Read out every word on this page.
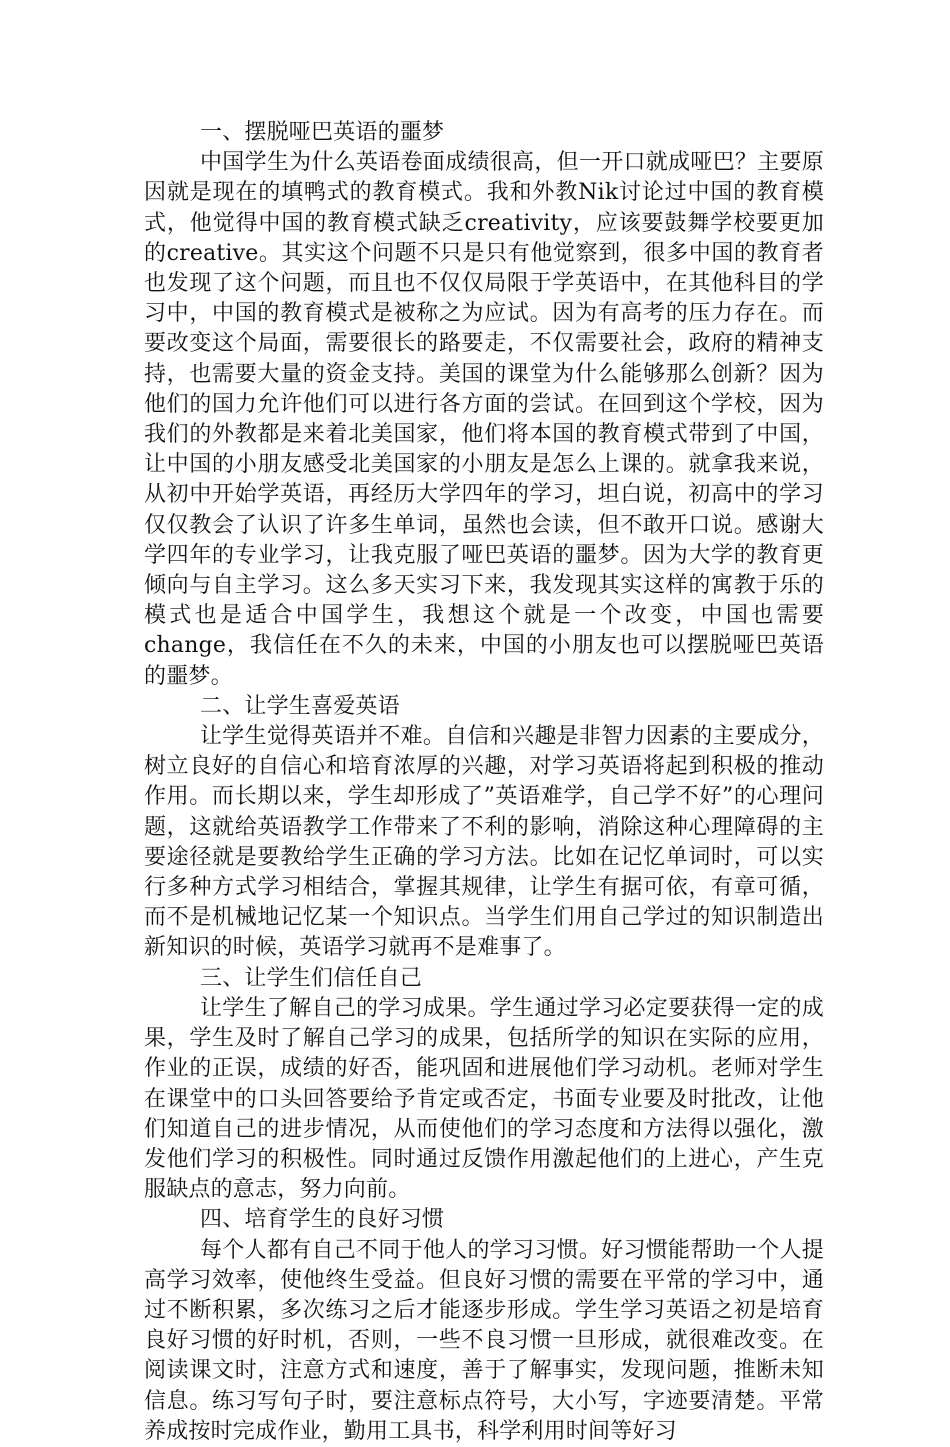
一、摆脱哑巴英语的噩梦

中国学生为什么英语卷面成绩很高，但一开口就成哑巴？主要原因就是现在的填鸭式的教育模式。我和外教Nik讨论过中国的教育模式，他觉得中国的教育模式缺乏creativity，应该要鼓舞学校要更加的creative。其实这个问题不只是只有他觉察到，很多中国的教育者也发现了这个问题，而且也不仅仅局限于学英语中，在其他科目的学习中，中国的教育模式是被称之为应试。因为有高考的压力存在。而要改变这个局面，需要很长的路要走，不仅需要社会，政府的精神支持，也需要大量的资金支持。美国的课堂为什么能够那么创新？因为他们的国力允许他们可以进行各方面的尝试。在回到这个学校，因为我们的外教都是来着北美国家，他们将本国的教育模式带到了中国，让中国的小朋友感受北美国家的小朋友是怎么上课的。就拿我来说，从初中开始学英语，再经历大学四年的学习，坦白说，初高中的学习仅仅教会了认识了许多生单词，虽然也会读，但不敢开口说。感谢大学四年的专业学习，让我克服了哑巴英语的噩梦。因为大学的教育更倾向与自主学习。这么多天实习下来，我发现其实这样的寓教于乐的模式也是适合中国学生，我想这个就是一个改变，中国也需要change，我信任在不久的未来，中国的小朋友也可以摆脱哑巴英语的噩梦。

二、让学生喜爱英语

让学生觉得英语并不难。自信和兴趣是非智力因素的主要成分，树立良好的自信心和培育浓厚的兴趣，对学习英语将起到积极的推动作用。而长期以来，学生却形成了”英语难学，自己学不好”的心理问题，这就给英语教学工作带来了不利的影响，消除这种心理障碍的主要途径就是要教给学生正确的学习方法。比如在记忆单词时，可以实行多种方式学习相结合，掌握其规律，让学生有据可依，有章可循，而不是机械地记忆某一个知识点。当学生们用自己学过的知识制造出新知识的时候，英语学习就再不是难事了。

三、让学生们信任自己

让学生了解自己的学习成果。学生通过学习必定要获得一定的成果，学生及时了解自己学习的成果，包括所学的知识在实际的应用，作业的正误，成绩的好否，能巩固和进展他们学习动机。老师对学生在课堂中的口头回答要给予肯定或否定，书面专业要及时批改，让他们知道自己的进步情况，从而使他们的学习态度和方法得以强化，激发他们学习的积极性。同时通过反馈作用激起他们的上进心，产生克服缺点的意志，努力向前。

四、培育学生的良好习惯

每个人都有自己不同于他人的学习习惯。好习惯能帮助一个人提高学习效率，使他终生受益。但良好习惯的需要在平常的学习中，通过不断积累，多次练习之后才能逐步形成。学生学习英语之初是培育良好习惯的好时机，否则，一些不良习惯一旦形成，就很难改变。在阅读课文时，注意方式和速度，善于了解事实，发现问题，推断未知信息。练习写句子时，要注意标点符号，大小写，字迹要清楚。平常养成按时完成作业，勤用工具书，科学利用时间等好习
